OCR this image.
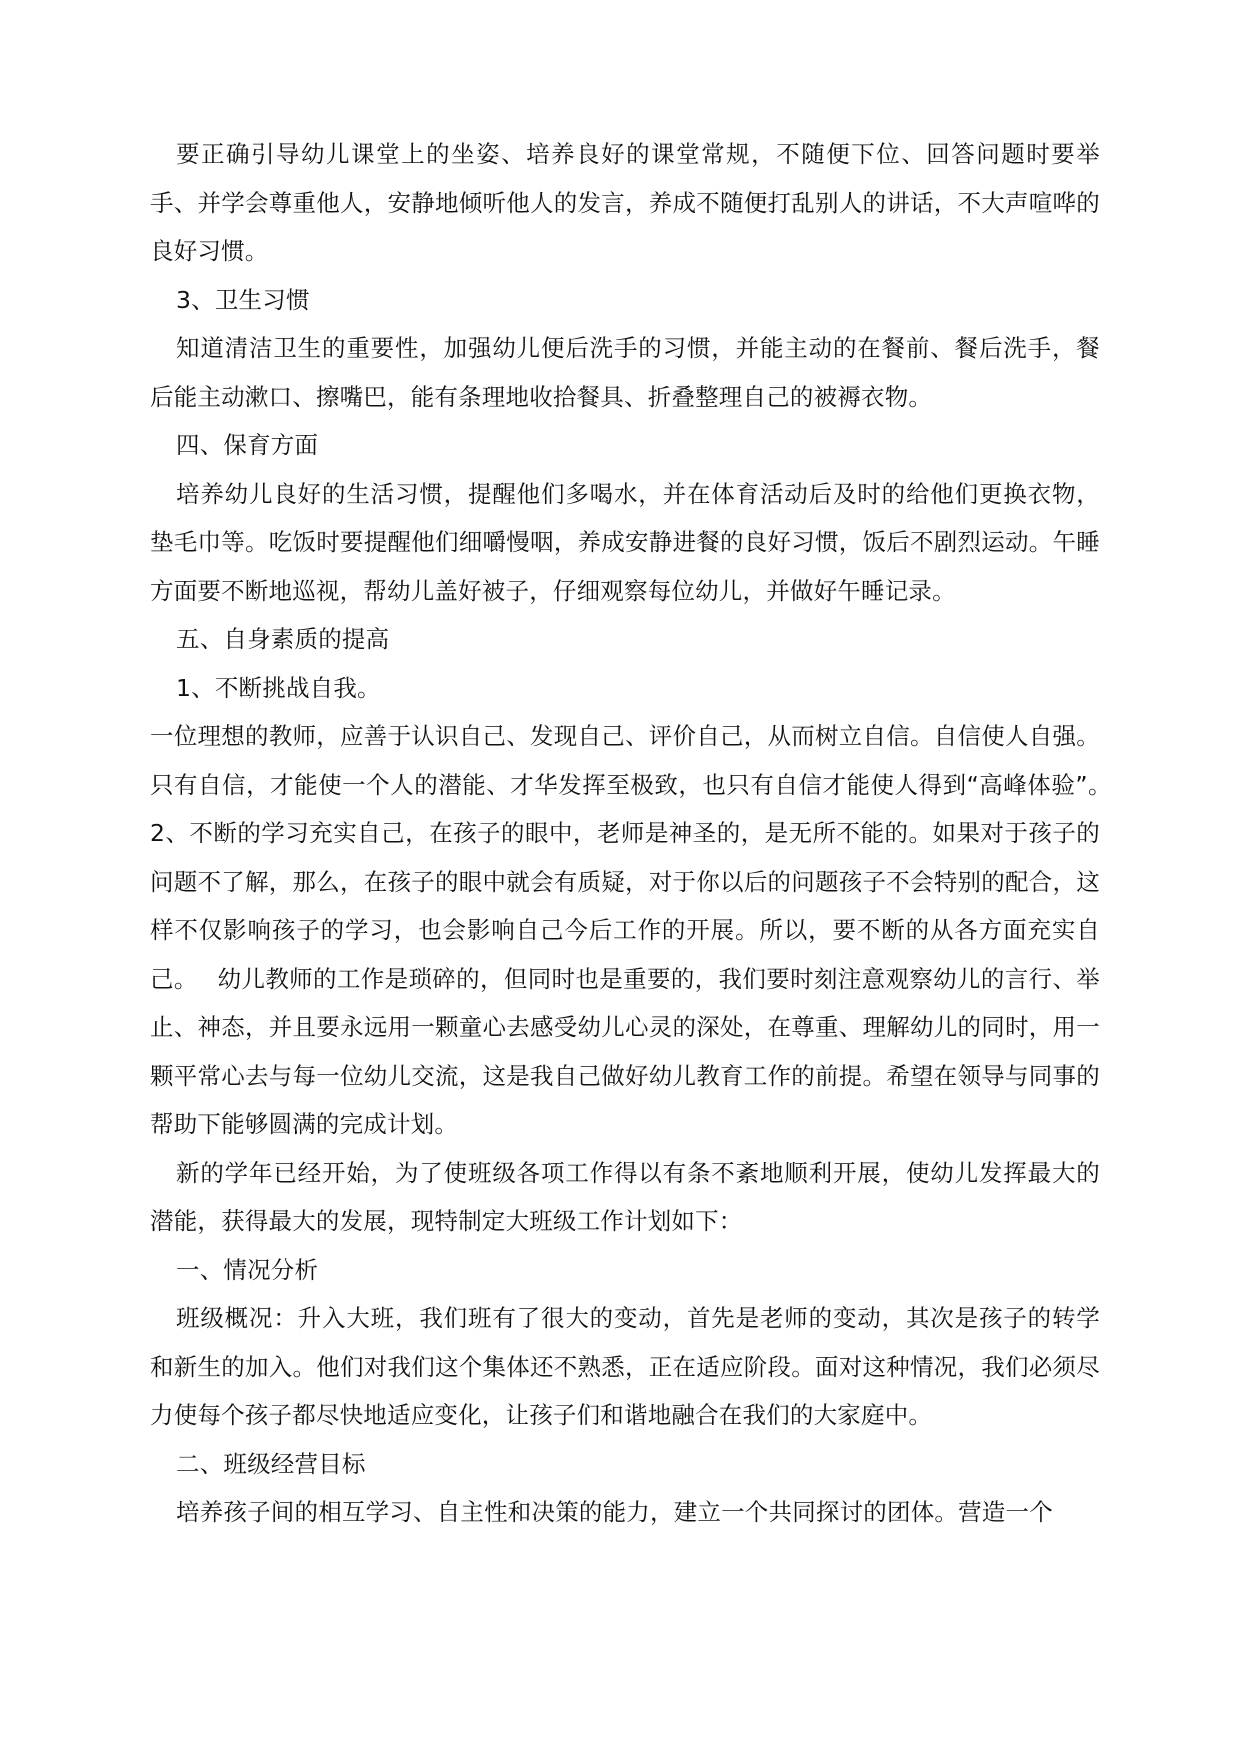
要正确引导幼儿课堂上的坐姿、培养良好的课堂常规，不随便下位、回答问题时要举手、并学会尊重他人，安静地倾听他人的发言，养成不随便打乱别人的讲话，不大声喧哗的良好习惯。

3、卫生习惯

知道清洁卫生的重要性，加强幼儿便后洗手的习惯，并能主动的在餐前、餐后洗手，餐后能主动漱口、擦嘴巴，能有条理地收拾餐具、折叠整理自己的被褥衣物。

四、保育方面

培养幼儿良好的生活习惯，提醒他们多喝水，并在体育活动后及时的给他们更换衣物，垫毛巾等。吃饭时要提醒他们细嚼慢咽，养成安静进餐的良好习惯，饭后不剧烈运动。午睡方面要不断地巡视，帮幼儿盖好被子，仔细观察每位幼儿，并做好午睡记录。

五、自身素质的提高

1、不断挑战自我。

一位理想的教师，应善于认识自己、发现自己、评价自己，从而树立自信。自信使人自强。只有自信，才能使一个人的潜能、才华发挥至极致，也只有自信才能使人得到“高峰体验”。　 2、不断的学习充实自己，在孩子的眼中，老师是神圣的，是无所不能的。如果对于孩子的问题不了解，那么，在孩子的眼中就会有质疑，对于你以后的问题孩子不会特别的配合，这样不仅影响孩子的学习，也会影响自己今后工作的开展。所以，要不断的从各方面充实自己。　 幼儿教师的工作是琐碎的，但同时也是重要的，我们要时刻注意观察幼儿的言行、举止、神态，并且要永远用一颗童心去感受幼儿心灵的深处，在尊重、理解幼儿的同时，用一颗平常心去与每一位幼儿交流，这是我自己做好幼儿教育工作的前提。希望在领导与同事的帮助下能够圆满的完成计划。

新的学年已经开始，为了使班级各项工作得以有条不紊地顺利开展，使幼儿发挥最大的潜能，获得最大的发展，现特制定大班级工作计划如下：

一、情况分析

班级概况：升入大班，我们班有了很大的变动，首先是老师的变动，其次是孩子的转学和新生的加入。他们对我们这个集体还不熟悉，正在适应阶段。面对这种情况，我们必须尽力使每个孩子都尽快地适应变化，让孩子们和谐地融合在我们的大家庭中。

二、班级经营目标

培养孩子间的相互学习、自主性和决策的能力，建立一个共同探讨的团体。营造一个
